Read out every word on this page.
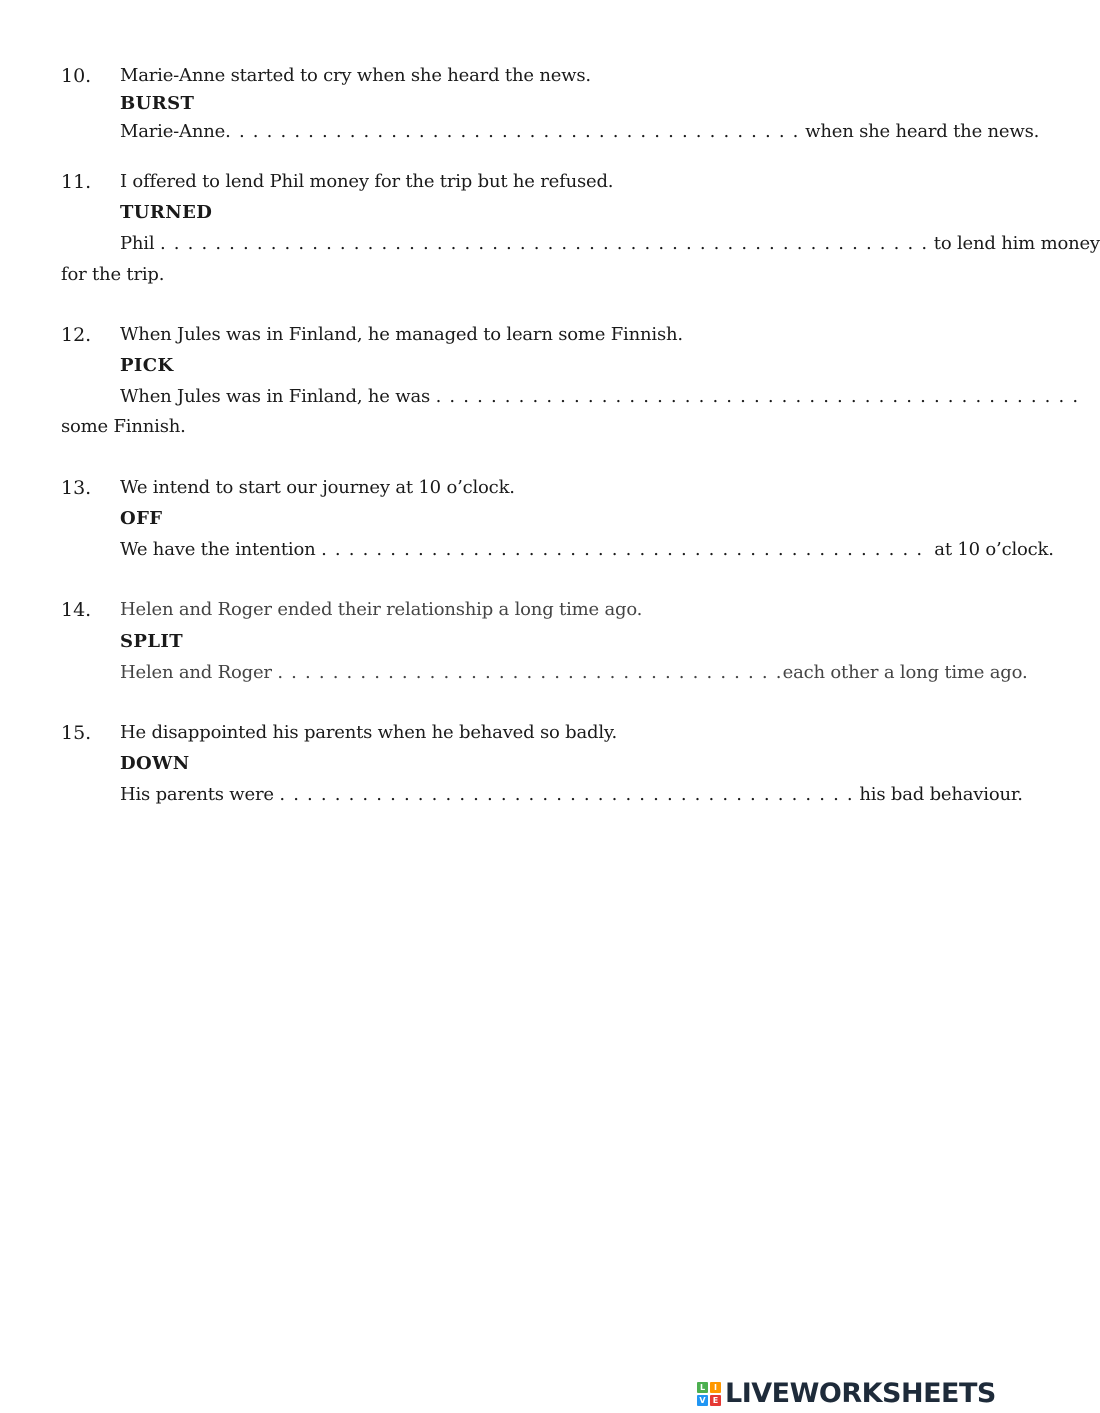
10. Marie-Anne started to cry when she heard the news.
BURST
Marie-Anne. . . . . . . . . . . . . . . . . . . . . . . . . . . . . . . . . . . . . . . . . . when she heard the news.
11. I offered to lend Phil money for the trip but he refused.
TURNED
Phil . . . . . . . . . . . . . . . . . . . . . . . . . . . . . . . . . . . . . . . . . . . . . . . . . . . . . . . . to lend him money
for the trip.
12. When Jules was in Finland, he managed to learn some Finnish.
PICK
When Jules was in Finland, he was . . . . . . . . . . . . . . . . . . . . . . . . . . . . . . . . . . . . . . . . . . . . . . .
some Finnish.
13. We intend to start our journey at 10 o’clock.
OFF
We have the intention . . . . . . . . . . . . . . . . . . . . . . . . . . . . . . . . . . . . . . . . . . . . at 10 o’clock.
14. Helen and Roger ended their relationship a long time ago.
SPLIT
Helen and Roger . . . . . . . . . . . . . . . . . . . . . . . . . . . . . . . . . . . . .each other a long time ago.
15. He disappointed his parents when he behaved so badly.
DOWN
His parents were . . . . . . . . . . . . . . . . . . . . . . . . . . . . . . . . . . . . . . . . . . his bad behaviour.
L	I
V E LIVEWORKSHEETS
